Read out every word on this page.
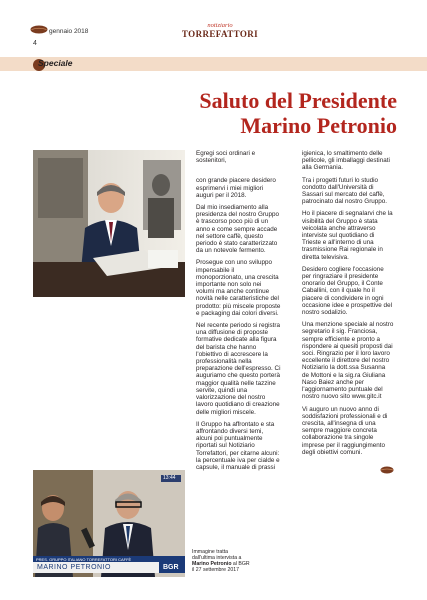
gennaio 2018
4
notiziario
TORREFATTORI
Speciale
Saluto del Presidente
Marino Petronio

Egregi soci ordinari e sostenitori,

con grande piacere desidero esprimervi i miei migliori auguri per il 2018.

Dal mio insediamento alla presidenza del nostro Gruppo è trascorso poco più di un anno e come sempre accade nel settore caffè, questo periodo è stato caratterizzato da un notevole fermento.

Prosegue con uno sviluppo impensabile il monoporzionato, una crescita importante non solo nei volumi ma anche continue novità nelle caratteristiche del prodotto: più miscele proposte e packaging dai colori diversi.

Nel recente periodo si registra una diffusione di proposte formative dedicate alla figura del barista che hanno l'obiettivo di accrescere la professionalità nella preparazione dell'espresso. Ci auguriamo che questo porterà maggior qualità nelle tazzine servite, quindi una valorizzazione del nostro lavoro quotidiano di creazione delle migliori miscele.

Il Gruppo ha affrontato e sta affrontando diversi temi, alcuni poi puntualmente riportati sul Notiziario Torrefattori, per citarne alcuni: la percentuale iva per cialde e capsule, il manuale di prassi

igienica, lo smaltimento delle pellicole, gli imballaggi destinati alla Germania.

Tra i progetti futuri lo studio condotto dall'Università di Sassari sul mercato del caffè, patrocinato dal nostro Gruppo.

Ho il piacere di segnalarvi che la visibilità del Gruppo è stata veicolata anche attraverso interviste sul quotidiano di Trieste e all'interno di una trasmissione Rai regionale in diretta televisiva.

Desidero cogliere l'occasione per ringraziare il presidente onorario del Gruppo, il Conte Caballini, con il quale ho il piacere di condividere in ogni occasione idee e prospettive del nostro sodalizio.

Una menzione speciale al nostro segretario il sig. Franciosa, sempre efficiente e pronto a rispondere ai quesiti proposti dai soci. Ringrazio per il loro lavoro eccellente il direttore del nostro Notiziario la dott.ssa Susanna de Mottoni e la sig.ra Giuliana Naso Baiez anche per l'aggiornamento puntuale del nostro nuovo sito www.gitc.it

Vi auguro un nuovo anno di soddisfazioni professionali e di crescita, all'insegna di una sempre maggiore concreta collaborazione tra singole imprese per il raggiungimento degli obiettivi comuni.

13:44
PRES. GRUPPO ITALIANO TORREFATTORI CAFFÈ
MARINO PETRONIO	BGR
Immagine tratta
dall'ultima intervista a
Marino Petronio al BGR
il 27 settembre 2017
